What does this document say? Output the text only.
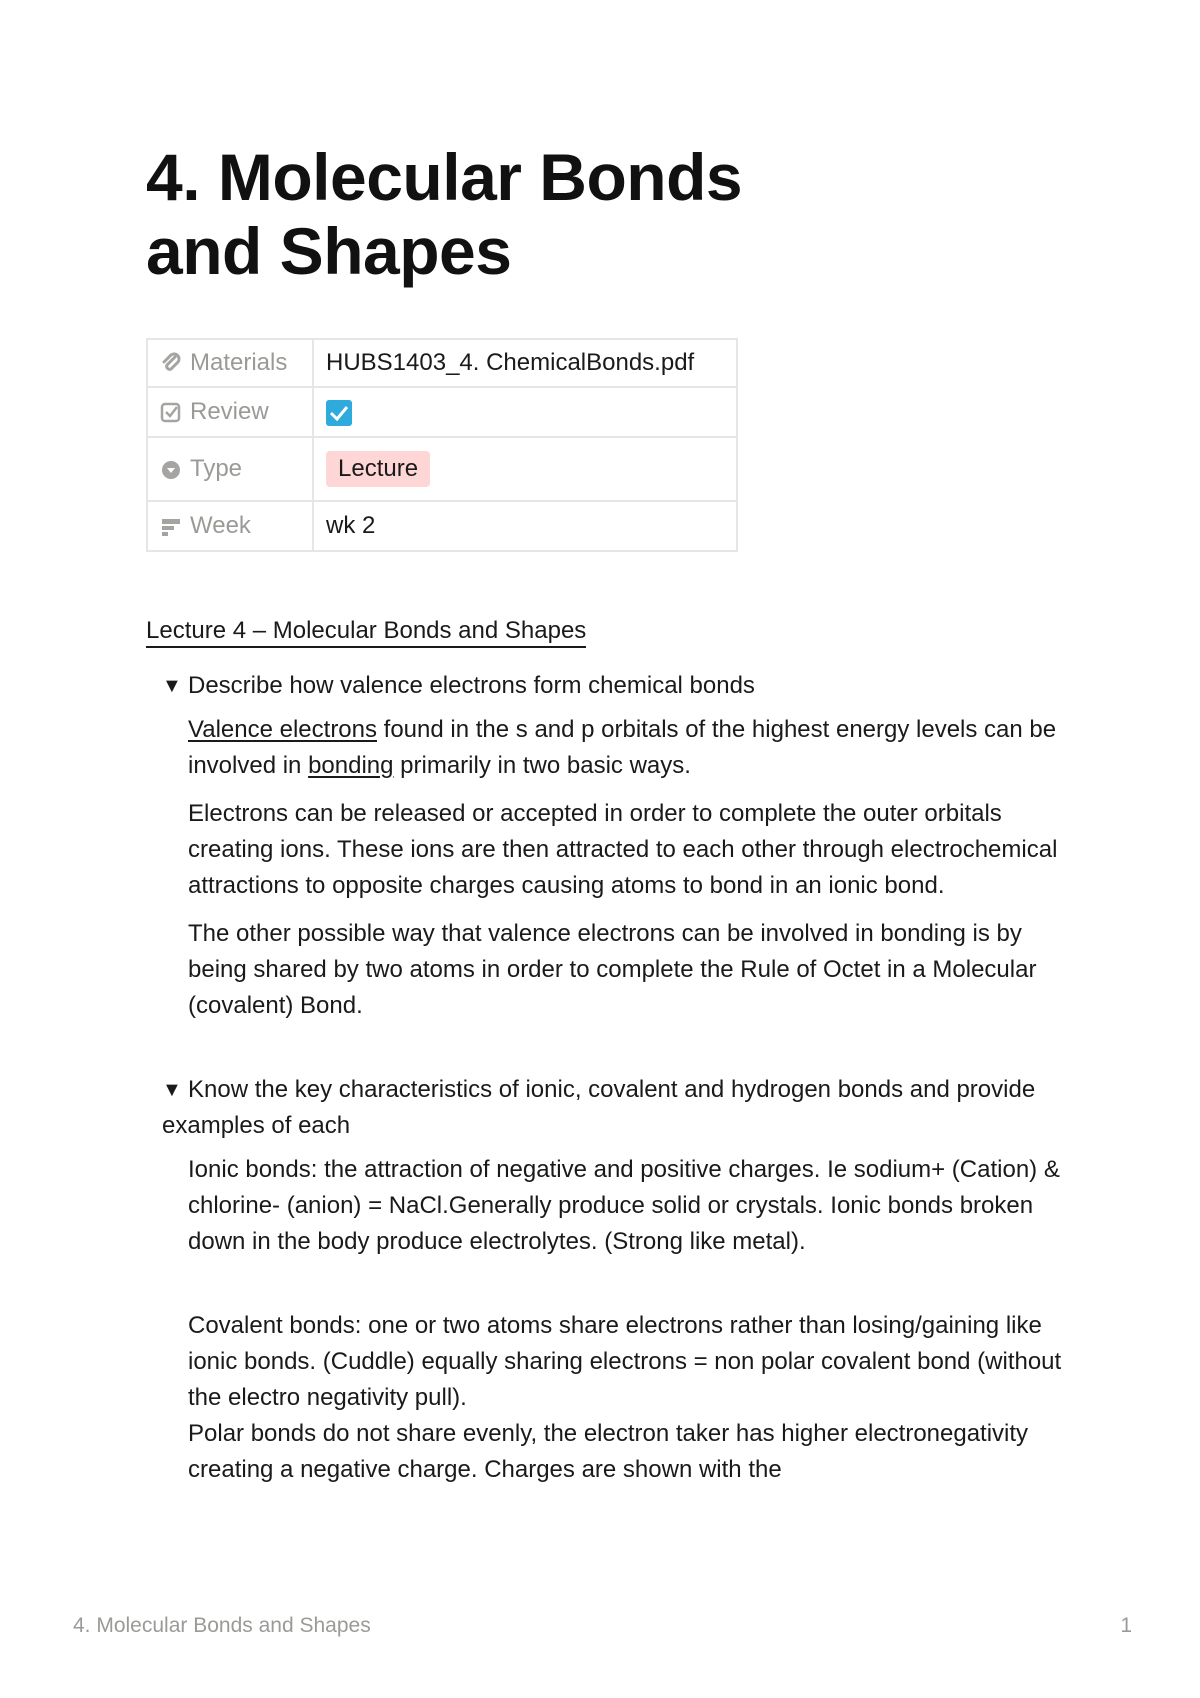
4. Molecular Bonds and Shapes
Materials	HUBS1403_4. ChemicalBonds.pdf

Review	

Type	Lecture

Week	wk 2
Lecture 4 – Molecular Bonds and Shapes
▼ Describe how valence electrons form chemical bonds

Valence electrons found in the s and p orbitals of the highest energy levels can be involved in bonding primarily in two basic ways.

Electrons can be released or accepted in order to complete the outer orbitals creating ions. These ions are then attracted to each other through electrochemical attractions to opposite charges causing atoms to bond in an ionic bond.

The other possible way that valence electrons can be involved in bonding is by being shared by two atoms in order to complete the Rule of Octet in a Molecular (covalent) Bond.

▼ Know the key characteristics of ionic, covalent and hydrogen bonds and provide examples of each

Ionic bonds: the attraction of negative and positive charges. Ie sodium+ (Cation) & chlorine- (anion) = NaCl.Generally produce solid or crystals. Ionic bonds broken down in the body produce electrolytes. (Strong like metal).

Covalent bonds: one or two atoms share electrons rather than losing/gaining like ionic bonds. (Cuddle) equally sharing electrons = non polar covalent bond (without the electro negativity pull).

Polar bonds do not share evenly, the electron taker has higher electronegativity creating a negative charge. Charges are shown with the

4. Molecular Bonds and Shapes	1
